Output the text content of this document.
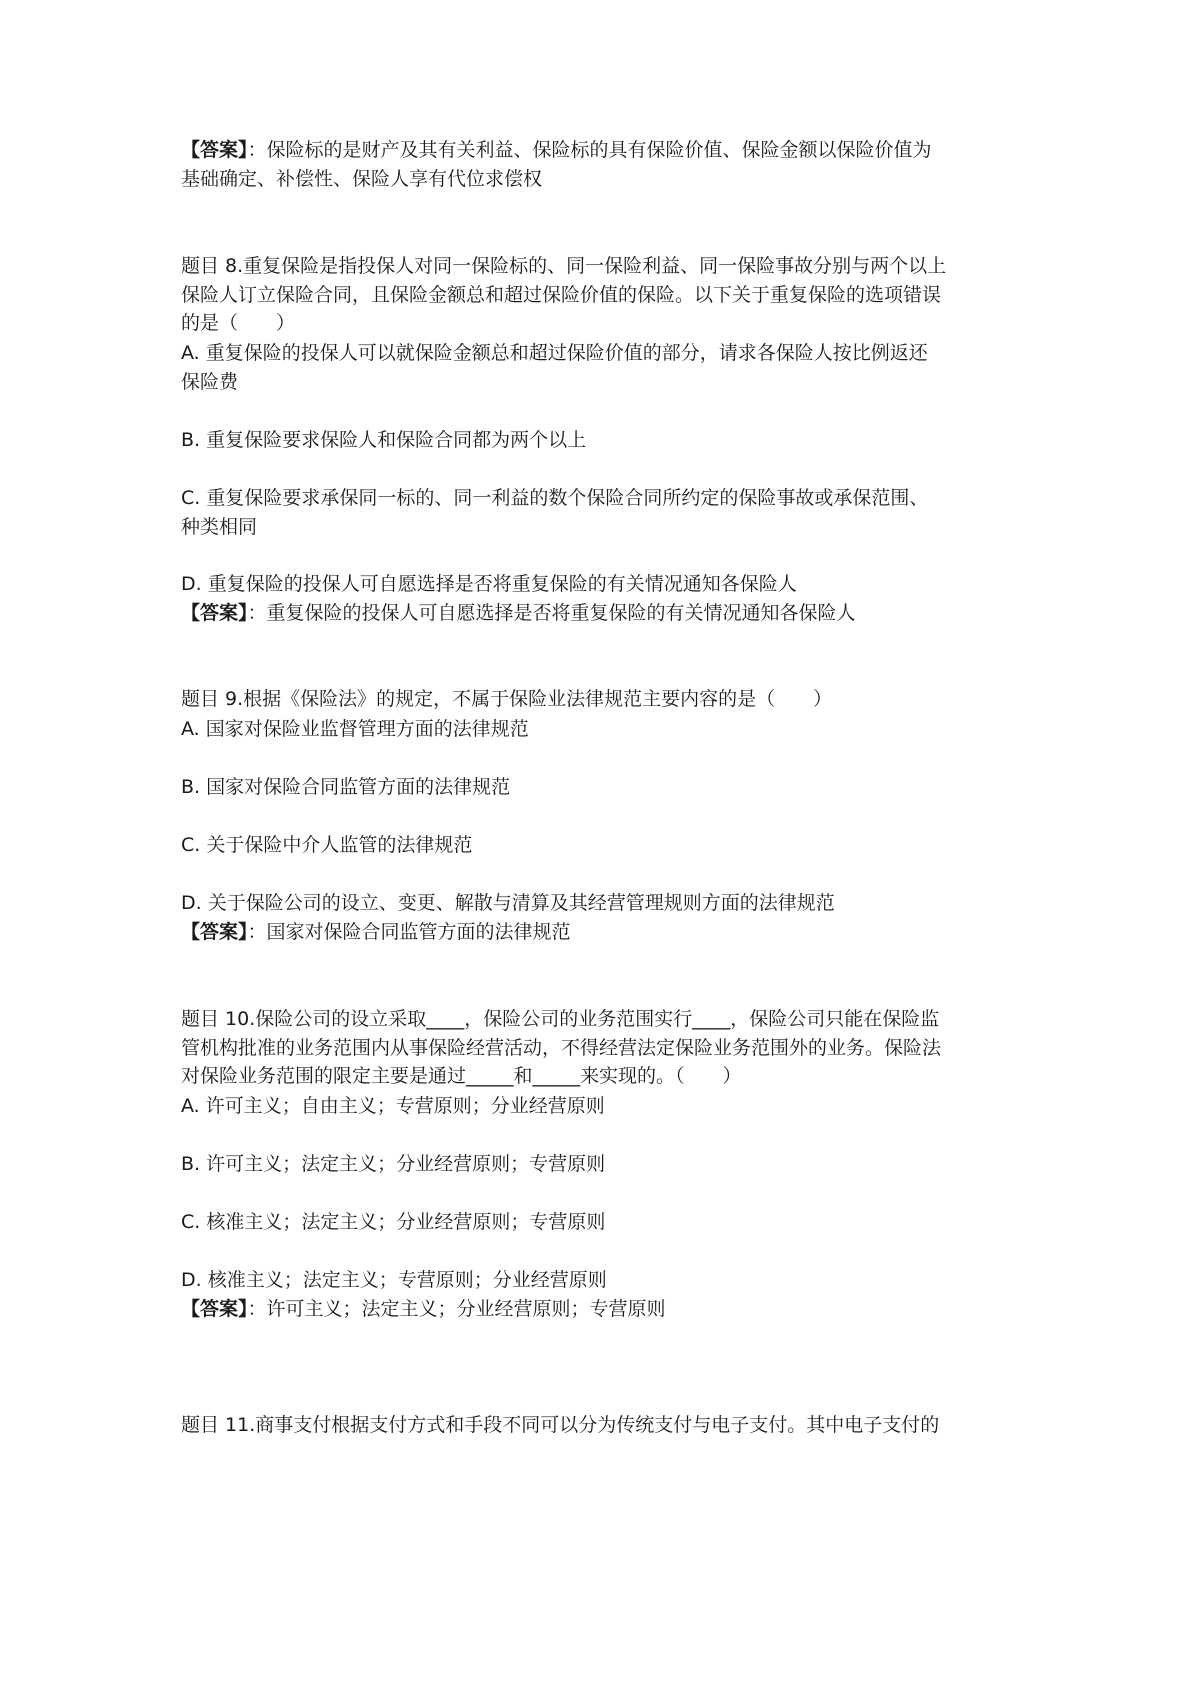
【答案】：保险标的是财产及其有关利益、保险标的具有保险价值、保险金额以保险价值为
基础确定、补偿性、保险人享有代位求偿权
题目 8.重复保险是指投保人对同一保险标的、同一保险利益、同一保险事故分别与两个以上
保险人订立保险合同，且保险金额总和超过保险价值的保险。以下关于重复保险的选项错误
的是（　　）
A. 重复保险的投保人可以就保险金额总和超过保险价值的部分，请求各保险人按比例返还
保险费
B. 重复保险要求保险人和保险合同都为两个以上
C. 重复保险要求承保同一标的、同一利益的数个保险合同所约定的保险事故或承保范围、
种类相同
D. 重复保险的投保人可自愿选择是否将重复保险的有关情况通知各保险人
【答案】：重复保险的投保人可自愿选择是否将重复保险的有关情况通知各保险人
题目 9.根据《保险法》的规定，不属于保险业法律规范主要内容的是（　　）
A. 国家对保险业监督管理方面的法律规范
B. 国家对保险合同监管方面的法律规范
C. 关于保险中介人监管的法律规范
D. 关于保险公司的设立、变更、解散与清算及其经营管理规则方面的法律规范
【答案】：国家对保险合同监管方面的法律规范
题目 10.保险公司的设立采取____，保险公司的业务范围实行____，保险公司只能在保险监
管机构批准的业务范围内从事保险经营活动，不得经营法定保险业务范围外的业务。保险法
对保险业务范围的限定主要是通过_____和_____来实现的。（　　）
A. 许可主义；自由主义；专营原则；分业经营原则
B. 许可主义；法定主义；分业经营原则；专营原则
C. 核准主义；法定主义；分业经营原则；专营原则
D. 核准主义；法定主义；专营原则；分业经营原则
【答案】：许可主义；法定主义；分业经营原则；专营原则
题目 11.商事支付根据支付方式和手段不同可以分为传统支付与电子支付。其中电子支付的
